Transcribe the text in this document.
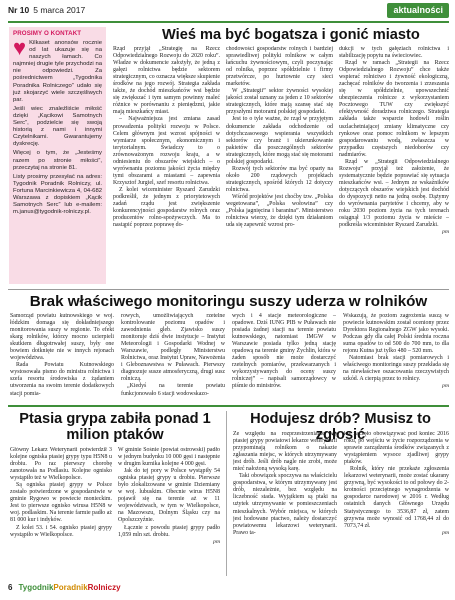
Nr 10 5 marca 2017	aktualności
PROSIMY O KONTAKT
♥ Kilkaset anonsów rocznie od lat ukazuje się na naszych łamach. Co najmniej drugie tyle przychodzi na nie odpowiedzi. Za pośrednictwem „Tygodnika Poradnika Rolniczego” udało się już skojarzyć wiele szczęśliwych par.

Jeśli wiec znaleźliście miłość dzięki „Kącikowi Samotnych Serc”, podzielcie się swoją historią z nami i innymi Czytelnikami. Gwarantujemy dyskrecję.

Więcej o tym, że „Jesteśmy razem po stronie miłości”, przeczytaj na stronie 81.

Listy prosimy przesyłać na adres: Tygodnik Poradnik Rolniczy, ul. Fortuna Marcinkiewicza 4, 04-682 Warszawa z dopiskiem „Kącik Samotnych Serc” lub e-mailem: m.janus@tygodnik-rolniczy.pl.

Wieś ma być bogatsza i gonić miasto
Rząd przyjął „Strategię na Rzecz Odpowiedzialnego Rozwoju do 2020 roku”. Władze w dokumencie założyły, że jedną z gałęzi rolnictwa będzie sektorem strategicznym, co oznacza większe skupienie środków na jego rozwój. Strategia zakłada także, że dochód mieszkańców wsi będzie się zwiększać i tym samym powinny maleć różnice w porównaniu z pieniędzmi, jakie mają mieszkańcy miast.
– Najważniejsza jest zmiana zasad prowadzenia polityki rozwoju w Polsce. Celem głównym jest wzrost spójności w wymiarze społecznym, ekonomicznym i terytorialnym. Świadczy to o zrównoważonym rozwoju kraju, a w odniesieniu do obszarów wiejskich – o wyrównaniu poziomu jakości życia między tymi obszarami a miastami – zapewnia Krzysztof Jurgiel, szef resortu rolnictwa.
Z kolei wiceminister Ryszard Zarudzki podkreślił, że jednym z priorytetowych zadań rządu jest zwiększenie konkurencyjności gospodarstw rolnych oraz producentów rolno-spożywczych. Ma to nastąpić poprzez poprawę do-
chodowości gospodarstw rolnych i bardziej sprawiedliwej polityki rolnikow w całym łańcuchu żywnościowym, czyli poczynając od rolnika, poprzez spółdzielnie i firmy przetwórcze, po hurtownie czy sieci marketów.
W „Strategii” sektor żywności wysokiej jakości został uznany za jeden z 10 sektorów strategicznych, które mają szansę stać się przyszłymi motorami polskiej gospodarki.
Jest to o tyle ważne, że rząd w przyjętym dokumencie zakłada odchodzenie od dotychczasowego wspierania wszystkich sektorów czy branż i ukierunkowanie pakietów dla poszczególnych sektorów strategicznych, które mogą stać się motorami polskiej gospodarki.
Rozwój tych sektorów ma być oparty na około 200 rządowych projektach strategicznych, spośród których 12 dotyczy rolnictwa.
Wśród projektów jest choćby tzw. „Polska wegetowana”, „Polska wołowina” czy „Polska jagnięcina i baranina”. Ministerstwo rolnictwa wierzy, że dzięki tym działaniom uda się zapewnić wzrost pro-
dukcji w tych gałęziach rolnictwa i stabilizację popytu na świeciowiec.
Rząd w ramach „Strategii na Rzecz Odpowiedzialnego Rozwoju” chce także wspierać rolnictwo i żywność ekologiczną, zachęcać rolników do tworzenia i zrzeszania się w spółdzielnie, upowszechnić ubezpieczenia rolnicze z wykorzystaniem Pocztowego TUW czy zwiększyć efektywność doradztwa rolniczego. Strategia zakłada także wsparcie hodowli roślin uszlachetniającej zmiany klimatyczne czy rynkowe oraz pomoc rolnikom w lepszym gospodarowaniu wodą, zwłaszcza w przypadku częstszych niedoborów czy nadmiarów.
Rząd w „Strategii Odpowiedzialnego Rozwoju” przyjął też założenie, że systematycznie będzie poprawiać się sytuacja mieszkańców wsi. – Jednym ze wskaźników dotyczących obszarów wiejskich jest dochód do dyspozycji netto na jedną osobę. Dążymy do wyrównania parytetów i chcemy, aby w roku 2030 poziom życia na tych terenach osiągnął 1/3 poziomu życia w mieście – podkreśla wiceminister Ryszard Zarudzki.
pm
Brak właściwego monitoringu suszy uderza w rolników
Samorząd powiatu kutnowskiego w woj. łódzkim domaga się dokładniejszego monitorowania suszy w regionie. To efekt skarg rolników, którzy mocno ucierpieli skutkiem długotrwałej suszy, były one bowiem dotknięte nie w innych rejonach województwa.
Rada Powiatu Kutnowskiego wystosowała pismo do ministra rolnictwa i szefa resortu środowiska z żądaniem utworzenia na swoim terenie dodatkowych stacji pomia-
rowych, umożliwiających rzetelne kontrolowanie poziomu opadów i zawodnienia gleb. Zjawisko suszy monitoruje dziś dwie instytucje – Instytut Meteorologii i Gospodarki Wodnej w Warszawie, podległy Ministerstwu Rolnictwa, oraz Instytut Upraw, Nawożenia i Gleboznawstwa w Puławach. Pierwszy diagnozuje susze atmosferyczną, drugi susz rolniczą.
„Kiedyś na terenie powiatu funkcjonowało 6 stacji wodowskazo-
wych i 4 stacje meteorologiczne – opadowe. Dziś IUNG PIB w Puławach nie posiada żadnej stacji na terenie powiatu kutnowskiego, natomiast IMGW w Warszawie posiada tylko jedną stację opadową na terenie gminy Żychlin, która w żaden sposób nie może dostarczyć rzetelnych pomiarów, przekwarzanych i wykorzystywanych do oceny suszy rolniczej” – napisali samorządowcy w piśmie do ministrów.
Wskazują, że poziom zagrożenia suszą w powiecie kutnowskim został oceniony przez Dyrektora Regionalnego ZGW jako wysoki. Podczas gdy dla całej Polski średnia roczna suma opadów to od 500 do 700 mm, to dla rejonu Kutna już tylko 480 – 520 mm.
Natomiast brak stacji pomiarowych i właściwego monitoringu suszy przekłada się na niewłaściwe oszacowania rzeczywistych szkód. A cierpią przez to rolnicy.
pm
Ptasia grypa zabiła ponad 1 milion ptaków
Główny Lekarz Weterynarii potwierdził 3 kolejne ogniska ptasiej grypy typu H5N8 u drobiu. Po raz pierwszy chorobę zanotowała na Podlasiu. Kolejne ognisko wystąpiło też w Wielkopolsce.
Są ogniska ptasiej grypy w Polsce zostało potwierdzone w gospodarstwie w gminie Rygowo w powiecie monieckim. Jest to pierwsze ognisko wirusa H5N8 w woj. podlaskim. Na terenie farmie padło aż 81 000 kur i indyków.
Z kolei 53. i 54. ognisko ptasiej grypy wystąpiło w Wielkopolsce.
W gminie Sośnie (powiat ostrowski) padło w jednym budynku 10 000 gęsi i następnie w drugim kurnika kolejne 4 000 gęsi.
Jak do tej pory w Polsce wystąpiły 54 ogniska ptasiej grypy u drobiu. Pierwsze było zlokalizowane w gminie Dziemiany w woj. lubuskim. Obecnie wirus H5N8 pojawił się na terenie aż w 11 województwach, w tym w Wielkopolsce, na Mazowszu, Dolnym Śląsku czy na Opolszczyźnie.
Łącznie z powodu ptasiej grypy padło 1,059 mln szt. drobiu.
pm
Hodujesz drób? Musisz to zgłosić
Ze względu na rozprzestrzenianie się ptasiej grypy powiatowi lekarze weterynarii przypominają rolnikom o nakazie zgłaszania miejsc, w których utrzymywany jest drób. Jeśli drób nagle nie zrobi, może mieć nałożoną wysoką karę.
Taki obowiązek spoczywa na właścicielu gospodarstwa, w którym utrzymywany jest drób, niezależnie, bez względu na liczebność stada. Wyjątkiem są ptaki na użytek utrzymywanie w pomieszczeniach mieszkalnych. Wybór miejsca, w których jest hodowane ptactwo, należy dostarczyć powiatowemu lekarzowi weterynarii. Prawo ta-
kie zaczęło obowiązywać pod koniec 2016 roku, po wejściu w życie rozporządzenia w sprawie zarządzenia środków związanych z wystąpieniem wysoce zjadliwej grypy ptaków.
Rolnik, który nie przekaże zgłoszenia lekarzowi weterynarii, może zostać ukarany grzywną, być wysokości to od połowy do 2-krotności przeciętnego wynagrodzenia w gospodarce narodowej w 2016 r. Według ostatnich danych Głównego Urzędu Statystycznego to 3536,87 zł, zatem grzywna może wynosić od 1768,44 zł do 7073,74 zł.
pm
6 TygodnikPoradnikRolniczy
